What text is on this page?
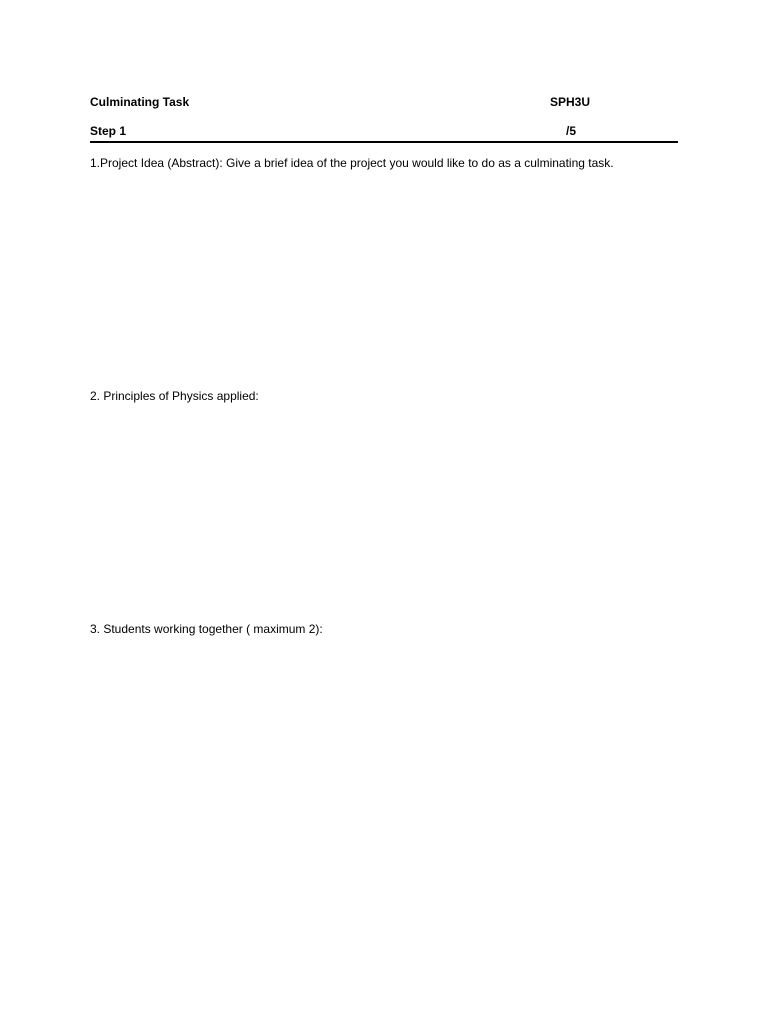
Culminating Task	SPH3U
Step 1	/5
1.Project Idea (Abstract): Give a brief idea of the project you would like to do as a culminating task.
2. Principles of Physics applied:
3. Students working together ( maximum 2):
